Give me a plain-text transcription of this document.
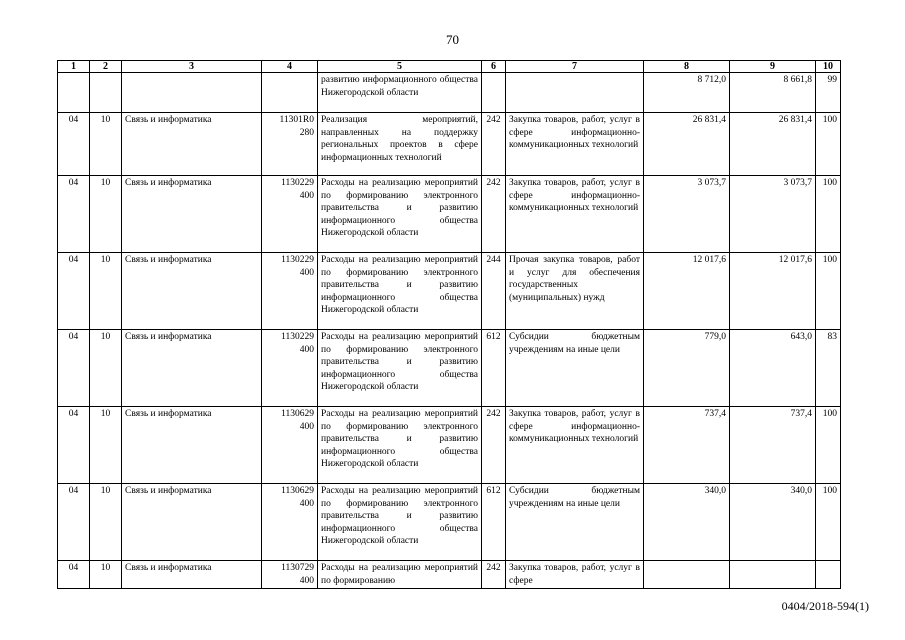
70
1	2	3	4	5	6	7	8	9	10
				развитию информационного общества Нижегородской области			8 712,0	8 661,8	99
04	10	Связь и информатика	11301R0 280	Реализация мероприятий, направленных на поддержку региональных проектов в сфере информационных технологий	242	Закупка товаров, работ, услуг в сфере информационно-коммуникационных технологий	26 831,4	26 831,4	100
04	10	Связь и информатика	1130229 400	Расходы на реализацию мероприятий по формированию электронного правительства и развитию информационного общества Нижегородской области	242	Закупка товаров, работ, услуг в сфере информационно-коммуникационных технологий	3 073,7	3 073,7	100
04	10	Связь и информатика	1130229 400	Расходы на реализацию мероприятий по формированию электронного правительства и развитию информационного общества Нижегородской области	244	Прочая закупка товаров, работ и услуг для обеспечения государственных (муниципальных) нужд	12 017,6	12 017,6	100
04	10	Связь и информатика	1130229 400	Расходы на реализацию мероприятий по формированию электронного правительства и развитию информационного общества Нижегородской области	612	Субсидии бюджетным учреждениям на иные цели	779,0	643,0	83
04	10	Связь и информатика	1130629 400	Расходы на реализацию мероприятий по формированию электронного правительства и развитию информационного общества Нижегородской области	242	Закупка товаров, работ, услуг в сфере информационно-коммуникационных технологий	737,4	737,4	100
04	10	Связь и информатика	1130629 400	Расходы на реализацию мероприятий по формированию электронного правительства и развитию информационного общества Нижегородской области	612	Субсидии бюджетным учреждениям на иные цели	340,0	340,0	100
04	10	Связь и информатика	1130729 400	Расходы на реализацию мероприятий по формированию	242	Закупка товаров, работ, услуг в сфере			
0404/2018-594(1)
